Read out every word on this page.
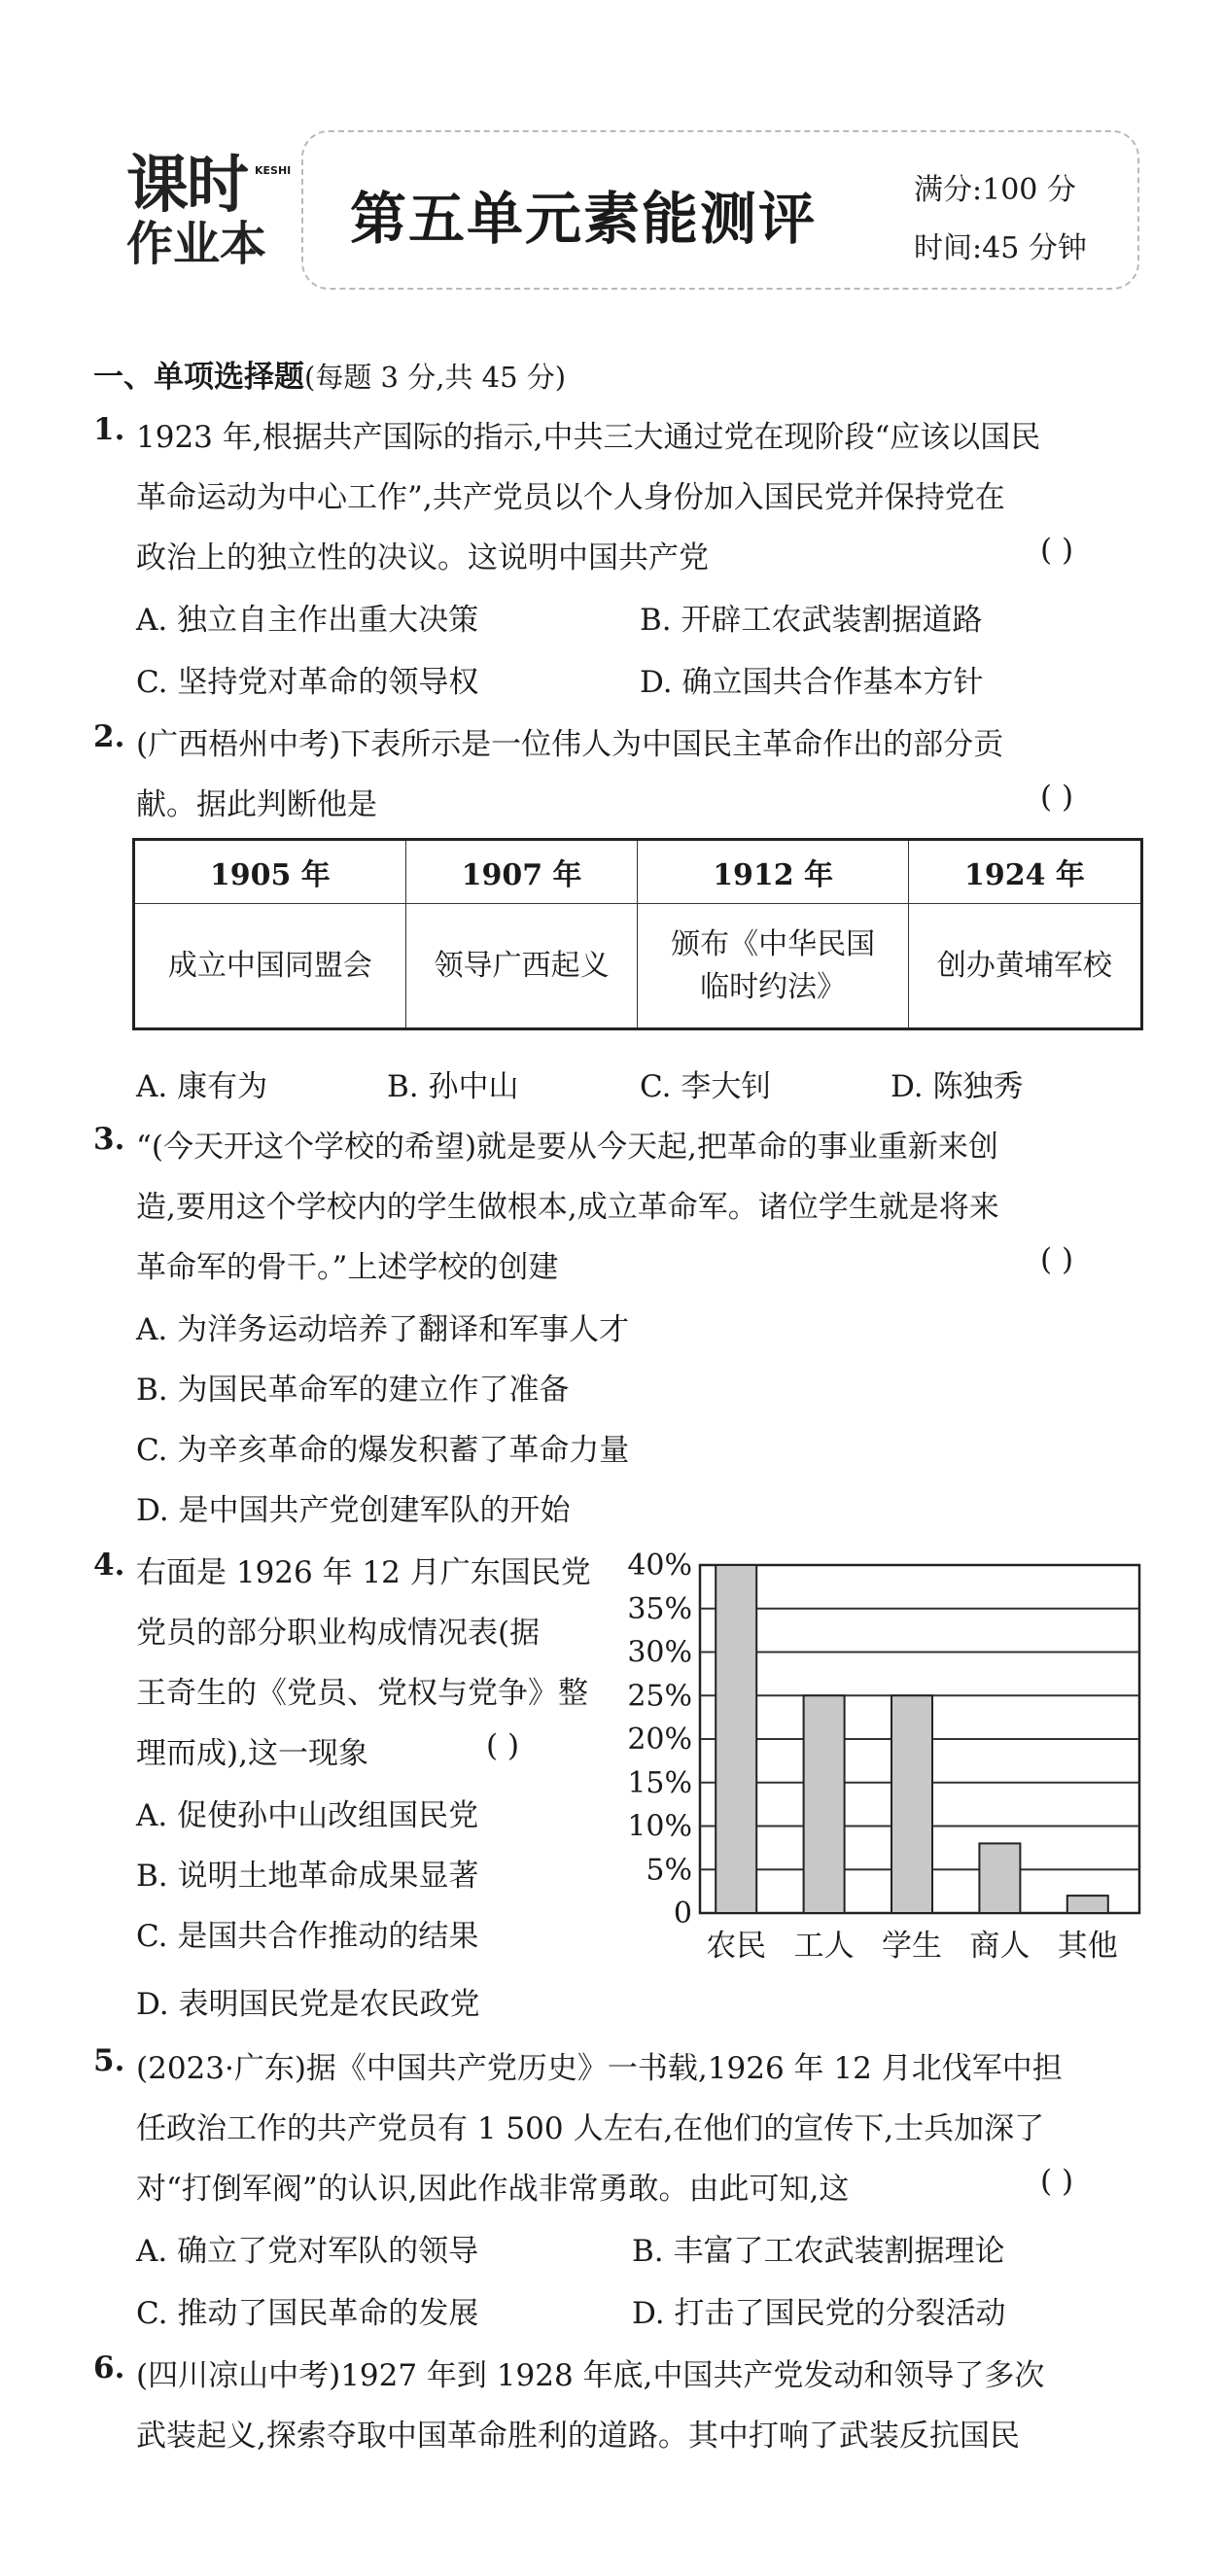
课时
作业本
KESHI
第五单元素能测评	满分:100 分
时间:45 分钟
一、单项选择题(每题 3 分,共 45 分)
1. 1923 年,根据共产国际的指示,中共三大通过党在现阶段“应该以国民
革命运动为中心工作”,共产党员以个人身份加入国民党并保持党在
政治上的独立性的决议。这说明中国共产党	( )
A. 独立自主作出重大决策	B. 开辟工农武装割据道路
C. 坚持党对革命的领导权	D. 确立国共合作基本方针
2. (广西梧州中考)下表所示是一位伟人为中国民主革命作出的部分贡
献。据此判断他是	( )
1905 年	1907 年	1912 年	1924 年
成立中国同盟会	领导广西起义	颁布《中华民国
临时约法》	创办黄埔军校
A. 康有为	B. 孙中山	C. 李大钊	D. 陈独秀
3. “(今天开这个学校的希望)就是要从今天起,把革命的事业重新来创
造,要用这个学校内的学生做根本,成立革命军。诸位学生就是将来
革命军的骨干。”上述学校的创建	( )
A. 为洋务运动培养了翻译和军事人才
B. 为国民革命军的建立作了准备
C. 为辛亥革命的爆发积蓄了革命力量
D. 是中国共产党创建军队的开始
4. 右面是 1926 年 12 月广东国民党
党员的部分职业构成情况表(据
王奇生的《党员、党权与党争》整
理而成),这一现象	( )
A. 促使孙中山改组国民党
B. 说明土地革命成果显著
C. 是国共合作推动的结果
D. 表明国民党是农民政党
0
5%
10%
15%
20%
25%
30%
35%
40%
农民 工人 学生 商人 其他
5. (2023·广东)据《中国共产党历史》一书载,1926 年 12 月北伐军中担
任政治工作的共产党员有 1 500 人左右,在他们的宣传下,士兵加深了
对“打倒军阀”的认识,因此作战非常勇敢。由此可知,这	( )
A. 确立了党对军队的领导	B. 丰富了工农武装割据理论
C. 推动了国民革命的发展	D. 打击了国民党的分裂活动
6. (四川凉山中考)1927 年到 1928 年底,中国共产党发动和领导了多次
武装起义,探索夺取中国革命胜利的道路。其中打响了武装反抗国民
